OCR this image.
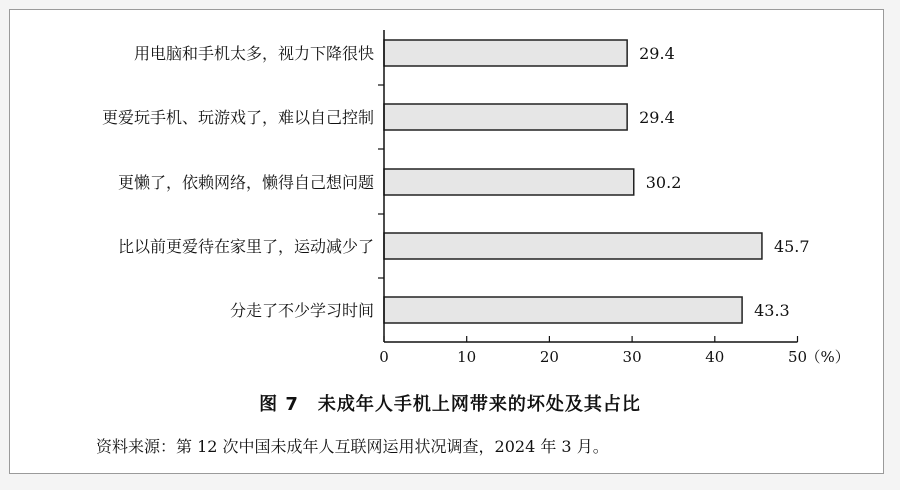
29.4
用电脑和手机太多，视力下降很快
29.4
更爱玩手机、玩游戏了，难以自己控制
30.2
更懒了，依赖网络，懒得自己想问题
45.7
比以前更爱待在家里了，运动减少了
43.3
分走了不少学习时间
0	10	20	30	40	50
（%）
图 7　未成年人手机上网带来的坏处及其占比
资料来源：第 12 次中国未成年人互联网运用状况调查，2024 年 3 月。
